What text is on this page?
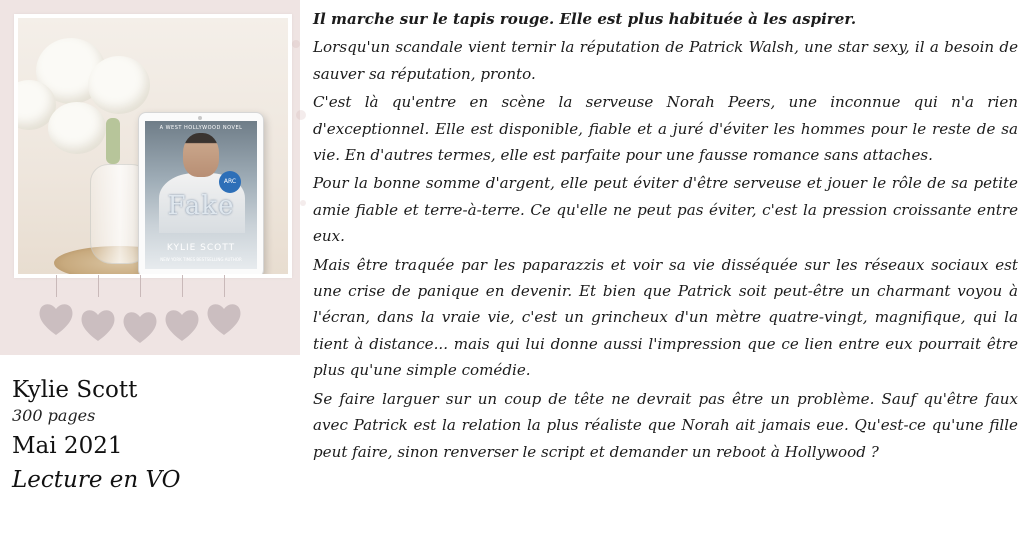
A WEST HOLLYWOOD NOVEL
ARC
Fake
KYLIE SCOTT
NEW YORK TIMES BESTSELLING AUTHOR
Kylie Scott
300 pages
Mai 2021
Lecture en VO

Il marche sur le tapis rouge. Elle est plus habituée à les aspirer.

Lorsqu'un scandale vient ternir la réputation de Patrick Walsh, une star sexy, il a besoin de sauver sa réputation, pronto.

C'est là qu'entre en scène la serveuse Norah Peers, une inconnue qui n'a rien d'exceptionnel. Elle est disponible, fiable et a juré d'éviter les hommes pour le reste de sa vie. En d'autres termes, elle est parfaite pour une fausse romance sans attaches.

Pour la bonne somme d'argent, elle peut éviter d'être serveuse et jouer le rôle de sa petite amie fiable et terre-à-terre. Ce qu'elle ne peut pas éviter, c'est la pression croissante entre eux.

Mais être traquée par les paparazzis et voir sa vie disséquée sur les réseaux sociaux est une crise de panique en devenir. Et bien que Patrick soit peut-être un charmant voyou à l'écran, dans la vraie vie, c'est un grincheux d'un mètre quatre-vingt, magnifique, qui la tient à distance... mais qui lui donne aussi l'impression que ce lien entre eux pourrait être plus qu'une simple comédie.

Se faire larguer sur un coup de tête ne devrait pas être un problème. Sauf qu'être faux avec Patrick est la relation la plus réaliste que Norah ait jamais eue. Qu'est-ce qu'une fille peut faire, sinon renverser le script et demander un reboot à Hollywood ?
